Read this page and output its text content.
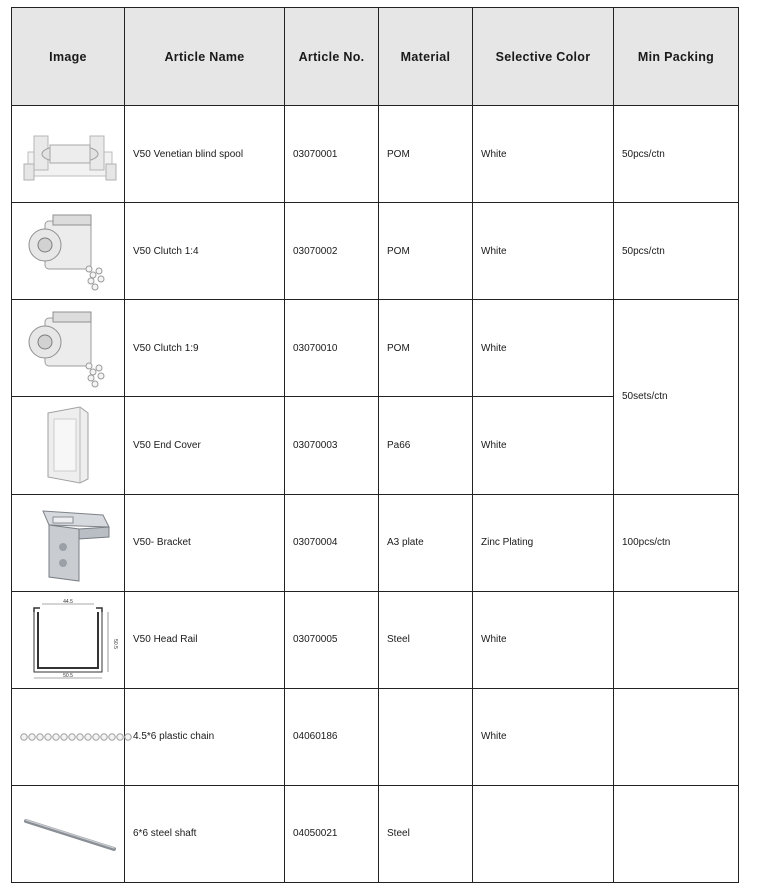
Image	Article Name	Article No.	Material	Selective Color	Min Packing

	V50 Venetian blind spool	03070001	POM	White	50pcs/ctn

	V50 Clutch 1:4	03070002	POM	White	50pcs/ctn

	V50 Clutch 1:9	03070010	POM	White	50sets/ctn

	V50 End Cover	03070003	Pa66	White	

	V50- Bracket	03070004	A3 plate	Zinc Plating	100pcs/ctn

44.5
50.5
50.5	V50 Head Rail	03070005	Steel	White	

	4.5*6 plastic chain	04060186		White	

	6*6 steel shaft	04050021	Steel		
